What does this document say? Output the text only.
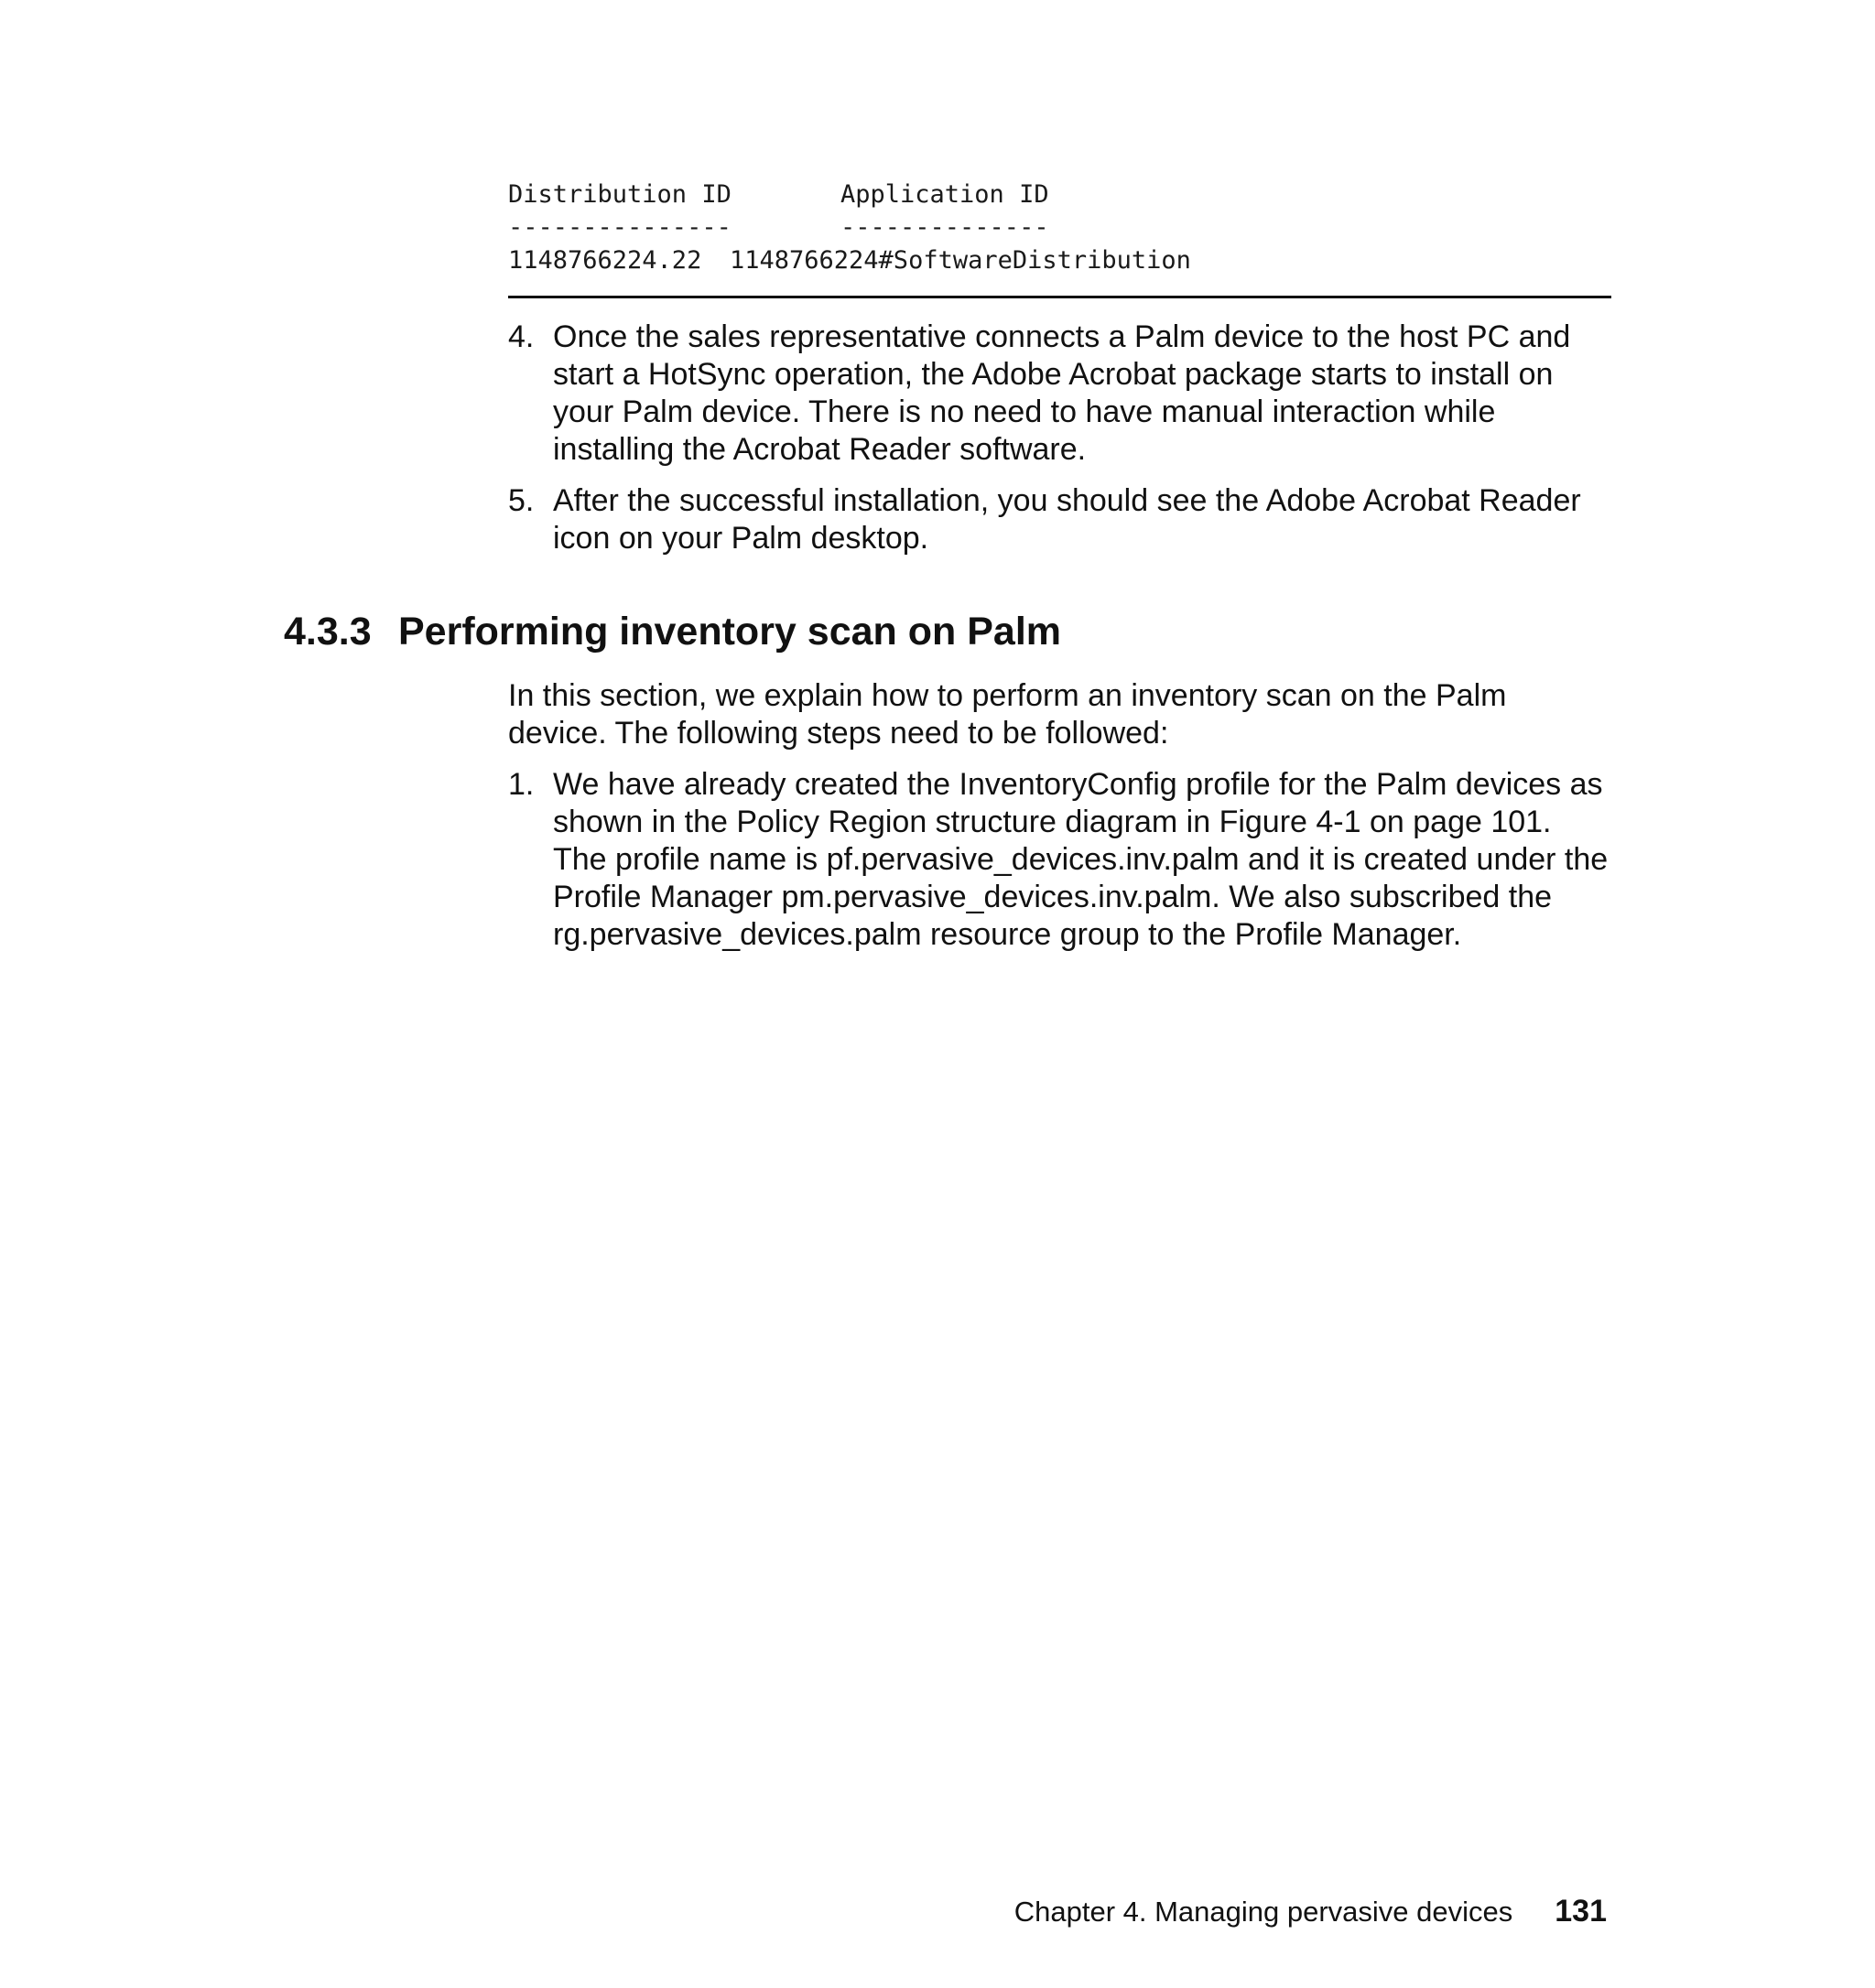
Distribution ID	Application ID
---------------	--------------
1148766224.22 1148766224#SoftwareDistribution
4. Once the sales representative connects a Palm device to the host PC and start a HotSync operation, the Adobe Acrobat package starts to install on your Palm device. There is no need to have manual interaction while installing the Acrobat Reader software.
5. After the successful installation, you should see the Adobe Acrobat Reader icon on your Palm desktop.
4.3.3 Performing inventory scan on Palm
In this section, we explain how to perform an inventory scan on the Palm device. The following steps need to be followed:
1. We have already created the InventoryConfig profile for the Palm devices as shown in the Policy Region structure diagram in Figure 4-1 on page 101. The profile name is pf.pervasive_devices.inv.palm and it is created under the Profile Manager pm.pervasive_devices.inv.palm. We also subscribed the rg.pervasive_devices.palm resource group to the Profile Manager.
Chapter 4. Managing pervasive devices 131
